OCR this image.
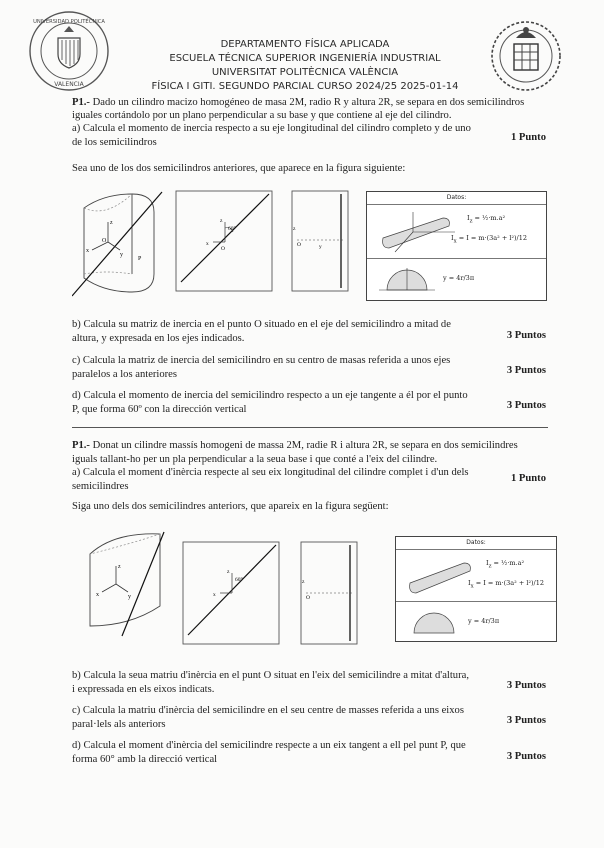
UNIVERSIDAD POLITÉCNICA
VALENCIA
DEPARTAMENTO FÍSICA APLICADA
ESCUELA TÉCNICA SUPERIOR INGENIERÍA INDUSTRIAL
UNIVERSITAT POLITÈCNICA VALÈNCIA
FÍSICA I GITI. SEGUNDO PARCIAL CURSO 2024/25 2025-01-14
P1.- Dado un cilindro macizo homogéneo de masa 2M, radio R y altura 2R, se separa en dos semicilindros
iguales cortándolo por un plano perpendicular a su base y que contiene al eje del cilindro.
a) Calcula el momento de inercia respecto a su eje longitudinal del cilindro completo y de uno
de los semicilindros	1 Punto
Sea uno de los dos semicilindros anteriores, que aparece en la figura siguiente:
z
x
y
O
P
60°
z
x
O
z
O	y
Datos:
$I_z$ = ½·m.a²
$I_x = I = m\cdot(3a^2 + l^2)/12$
y = 4r/3π
b) Calcula su matriz de inercia en el punto O situado en el eje del semicilindro a mitad de
altura, y expresada en los ejes indicados.	3 Puntos
c) Calcula la matriz de inercia del semicilindro en su centro de masas referida a unos ejes
paralelos a los anteriores	3 Puntos
d) Calcula el momento de inercia del semicilindro respecto a un eje tangente a él por el punto
P, que forma 60º con la dirección vertical	3 Puntos
P1.- Donat un cilindre massís homogeni de massa 2M, radie R i altura 2R, se separa en dos semicilindres
iguals tallant-ho per un pla perpendicular a la seua base i que conté a l'eix del cilindre.
a) Calcula el moment d'inèrcia respecte al seu eix longitudinal del cilindre complet i d'un dels
semicilindres
1 Punto
Siga uno dels dos semicilindres anteriors, que apareix en la figura següent:
z
x	y
60°
z
x
z
O
Datos:
$I_z$ = ½·m.a²
$I_x = I = m\cdot(3a^2 + l^2)/12$
y = 4r/3π
b) Calcula la seua matriu d'inèrcia en el punt O situat en l'eix del semicilindre a mitat d'altura,
i expressada en els eixos indicats.	3 Puntos
c) Calcula la matriu d'inèrcia del semicilindre en el seu centre de masses referida a uns eixos
paral·lels als anteriors	3 Puntos
d) Calcula el moment d'inèrcia del semicilindre respecte a un eix tangent a ell pel punt P, que
forma 60° amb la direcció vertical	3 Puntos
